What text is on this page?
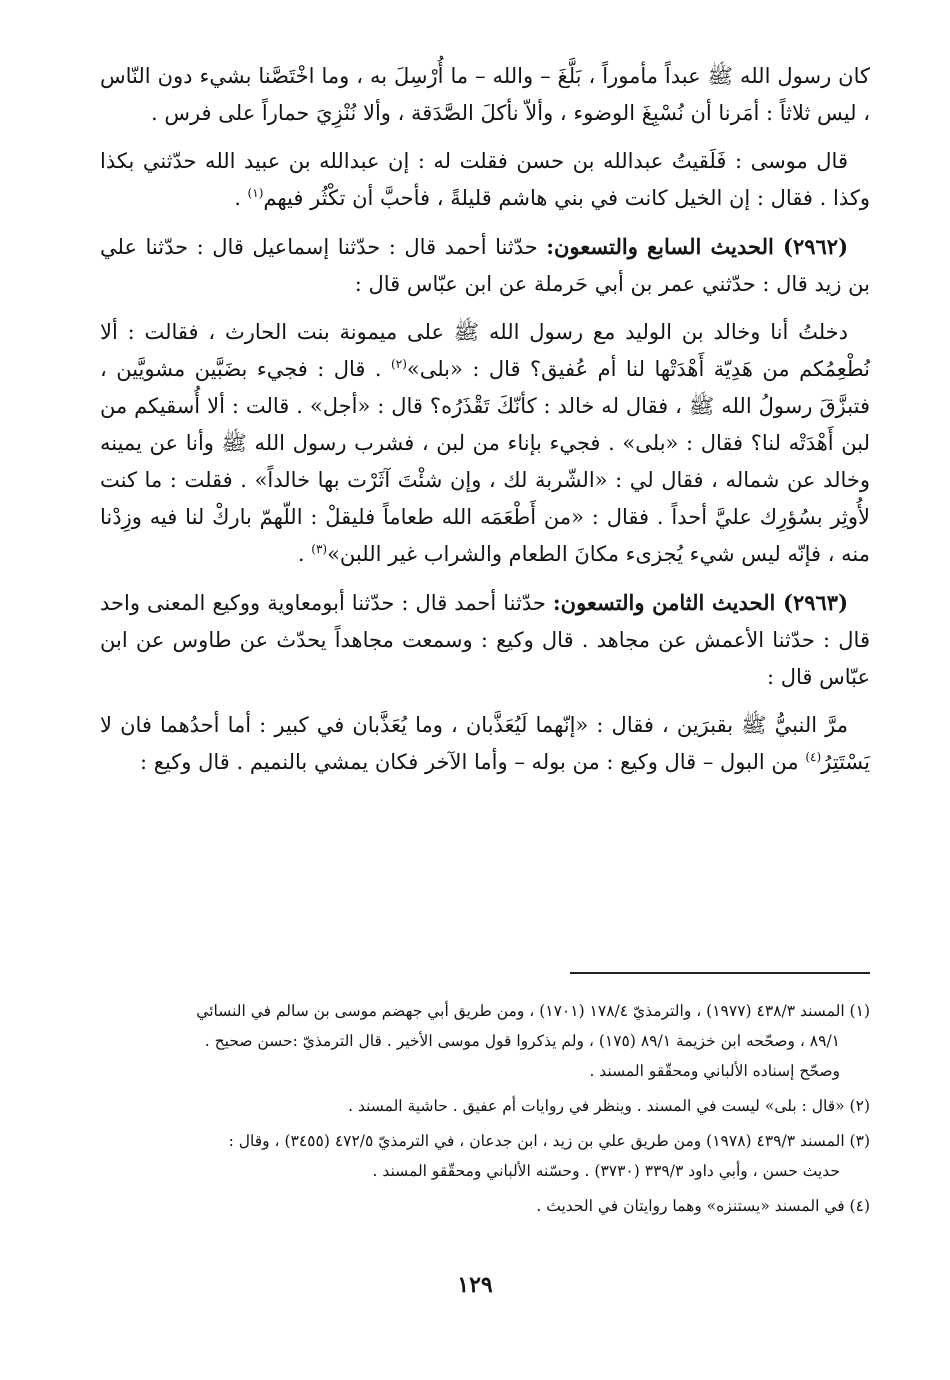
كان رسول الله ﷺ عبداً مأموراً ، بَلَّغَ – والله – ما أُرْسِلَ به ، وما اخْتَصَّنا بشيء دون النّاس ، ليس ثلاثاً : أمَرنا أن نُسْبِغَ الوضوء ، وألاّ نأكلَ الصَّدَقة ، وألا نُنْزِيَ حماراً على فرس .

قال موسى : فَلَقيتُ عبدالله بن حسن فقلت له : إن عبدالله بن عبيد الله حدّثني بكذا وكذا . فقال : إن الخيل كانت في بني هاشم قليلةً ، فأحبَّ أن تكْثُر فيهم$^{(١)}$ .

(٢٩٦٢) الحديث السابع والتسعون: حدّثنا أحمد قال : حدّثنا إسماعيل قال : حدّثنا علي بن زيد قال : حدّثني عمر بن أبي حَرملة عن ابن عبّاس قال :

دخلتُ أنا وخالد بن الوليد مع رسول الله ﷺ على ميمونة بنت الحارث ، فقالت : ألا نُطْعِمُكم من هَدِيّة أَهْدَتْها لنا أم عُفيق؟ قال : «بلى»$^{(٢)}$ . قال : فجيء بضَبَّين مشويَّين ، فتبزَّقَ رسولُ الله ﷺ ، فقال له خالد : كأنّكَ تَقْذَرُه؟ قال : «أجل» . قالت : ألا أُسقيكم من لبن أَهْدَتْه لنا؟ فقال : «بلى» . فجيء بإناء من لبن ، فشرب رسول الله ﷺ وأنا عن يمينه وخالد عن شماله ، فقال لي : «الشّربة لك ، وإن شئْتَ آثَرْت بها خالداً» . فقلت : ما كنت لأُوثِر بسُؤرِك عليَّ أحداً . فقال : «من أَطْعَمَه الله طعاماً فليقلْ : اللّهمّ باركْ لنا فيه وزِدْنا منه ، فإنّه ليس شيء يُجزىء مكانَ الطعام والشراب غير اللبن»$^{(٣)}$ .

(٢٩٦٣) الحديث الثامن والتسعون: حدّثنا أحمد قال : حدّثنا أبومعاوية ووكيع المعنى واحد قال : حدّثنا الأعمش عن مجاهد . قال وكيع : وسمعت مجاهداً يحدّث عن طاوس عن ابن عبّاس قال :

مرَّ النبيُّ ﷺ بقبرَين ، فقال : «إنّهما لَيُعَذَّبان ، وما يُعَذَّبان في كبير : أما أحدُهما فان لا يَسْتَتِرُ$^{(٤)}$ من البول – قال وكيع : من بوله – وأما الآخر فكان يمشي بالنميم . قال وكيع :

(١) المسند ٤٣٨/٣ (١٩٧٧) ، والترمذيّ ١٧٨/٤ (١٧٠١) ، ومن طريق أبي جهضم موسى بن سالم في النسائي
٨٩/١ ، وصحّحه ابن خزيمة ٨٩/١ (١٧٥) ، ولم يذكروا قول موسى الأخير . قال الترمذيّ :حسن صحيح .
وصحّح إسناده الألباني ومحقّقو المسند .

(٢) «قال : بلى» ليست في المسند . وينظر في روايات أم عفيق . حاشية المسند .

(٣) المسند ٤٣٩/٣ (١٩٧٨) ومن طريق علي بن زيد ، ابن جدعان ، في الترمذيّ ٤٧٢/٥ (٣٤٥٥) ، وقال :
حديث حسن ، وأبي داود ٣٣٩/٣ (٣٧٣٠) . وحسّنه الألباني ومحقّقو المسند .

(٤) في المسند «يستنزه» وهما روايتان في الحديث .

١٢٩
